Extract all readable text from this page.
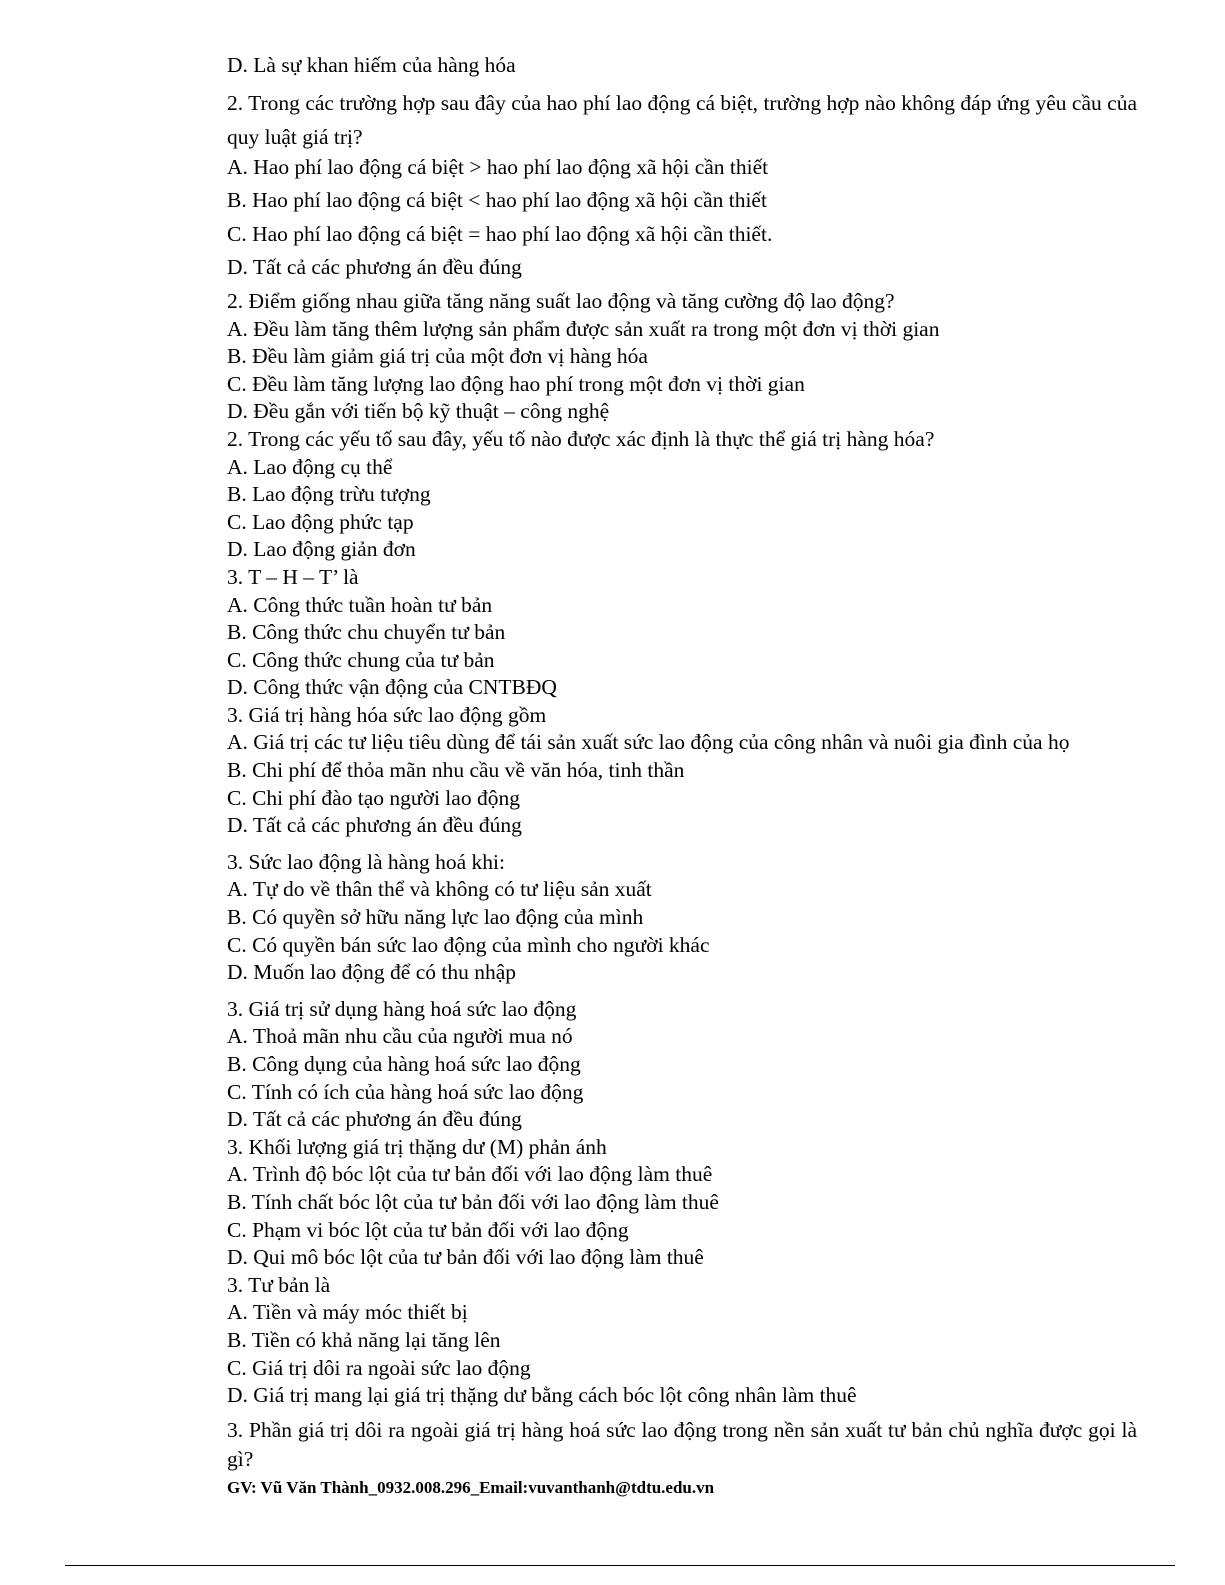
D. Là sự khan hiếm của hàng hóa
2. Trong các trường hợp sau đây của hao phí lao động cá biệt, trường hợp nào không đáp ứng yêu cầu của quy luật giá trị?
A. Hao phí lao động cá biệt > hao phí lao động xã hội cần thiết
B. Hao phí lao động cá biệt < hao phí lao động xã hội cần thiết
C. Hao phí lao động cá biệt = hao phí lao động xã hội cần thiết.
D. Tất cả các phương án đều đúng
2. Điểm giống nhau giữa tăng năng suất lao động và tăng cường độ lao động?
A. Đều làm tăng thêm lượng sản phẩm được sản xuất ra trong một đơn vị thời gian
B. Đều làm giảm giá trị của một đơn vị hàng hóa
C. Đều làm tăng lượng lao động hao phí trong một đơn vị thời gian
D. Đều gắn với tiến bộ kỹ thuật – công nghệ
2. Trong các yếu tố sau đây, yếu tố nào được xác định là thực thể giá trị hàng hóa?
A. Lao động cụ thể
B. Lao động trừu tượng
C. Lao động phức tạp
D. Lao động giản đơn
3. T – H – T’ là
A. Công thức tuần hoàn tư bản
B. Công thức chu chuyển tư bản
C. Công thức chung của tư bản
D. Công thức vận động của CNTBĐQ
3. Giá trị hàng hóa sức lao động gồm
A. Giá trị các tư liệu tiêu dùng để tái sản xuất sức lao động của công nhân và nuôi gia đình của họ
B. Chi phí để thỏa mãn nhu cầu về văn hóa, tinh thần
C. Chi phí đào tạo người lao động
D. Tất cả các phương án đều đúng
3. Sức lao động là hàng hoá khi:
A. Tự do về thân thể và không có tư liệu sản xuất
B. Có quyền sở hữu năng lực lao động của mình
C. Có quyền bán sức lao động của mình cho người khác
D. Muốn lao động để có thu nhập
3. Giá trị sử dụng hàng hoá sức lao động
A. Thoả mãn nhu cầu của người mua nó
B. Công dụng của hàng hoá sức lao động
C. Tính có ích của hàng hoá sức lao động
D. Tất cả các phương án đều đúng
3. Khối lượng giá trị thặng dư (M) phản ánh
A. Trình độ bóc lột của tư bản đối với lao động làm thuê
B. Tính chất bóc lột của tư bản đối với lao động làm thuê
C. Phạm vi bóc lột của tư bản đối với lao động
D. Qui mô bóc lột của tư bản đối với lao động làm thuê
3. Tư bản là
A. Tiền và máy móc thiết bị
B. Tiền có khả năng lại tăng lên
C. Giá trị dôi ra ngoài sức lao động
D. Giá trị mang lại giá trị thặng dư bằng cách bóc lột công nhân làm thuê
3. Phần giá trị dôi ra ngoài giá trị hàng hoá sức lao động trong nền sản xuất tư bản chủ nghĩa được gọi là gì?
GV: Vũ Văn Thành_0932.008.296_Email:vuvanthanh@tdtu.edu.vn
